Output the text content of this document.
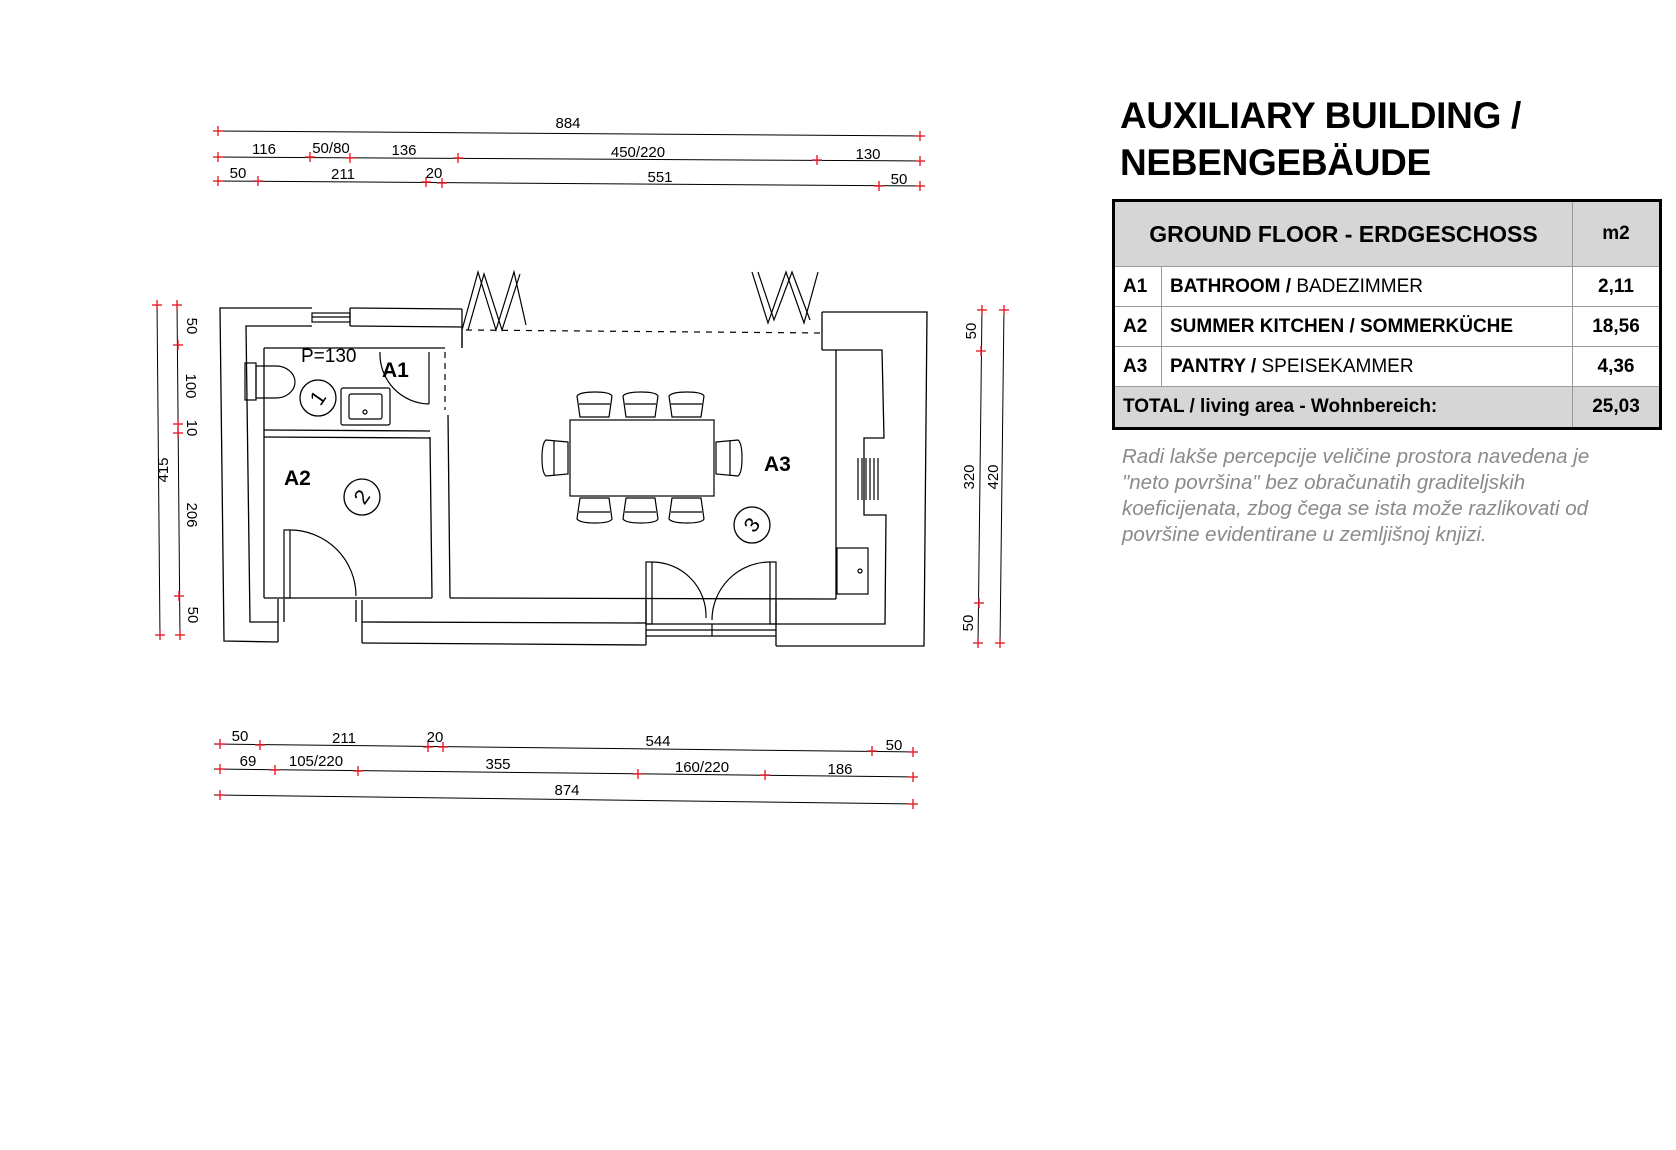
884
116 50/80	136	450/220	130
50	211	20	551	50
50	211	20	544	50
69 105/220	355	160/220	186
874
415
50
100
10
206
50
50
320
50
420
P=130
A1
A2
A3
1
2
3
AUXILIARY BUILDING /
NEBENGEBÄUDE
GROUND FLOOR - ERDGESCHOSS		m2
A1	BATHROOM / BADEZIMMER	2,11
A2	SUMMER KITCHEN / SOMMERKÜCHE	18,56
A3	PANTRY / SPEISEKAMMER	4,36
TOTAL / living area - Wohnbereich:		25,03
Radi lakše percepcije veličine prostora navedena je "neto površina" bez obračunatih graditeljskih koeficijenata, zbog čega se ista može razlikovati od površine evidentirane u zemljišnoj knjizi.
